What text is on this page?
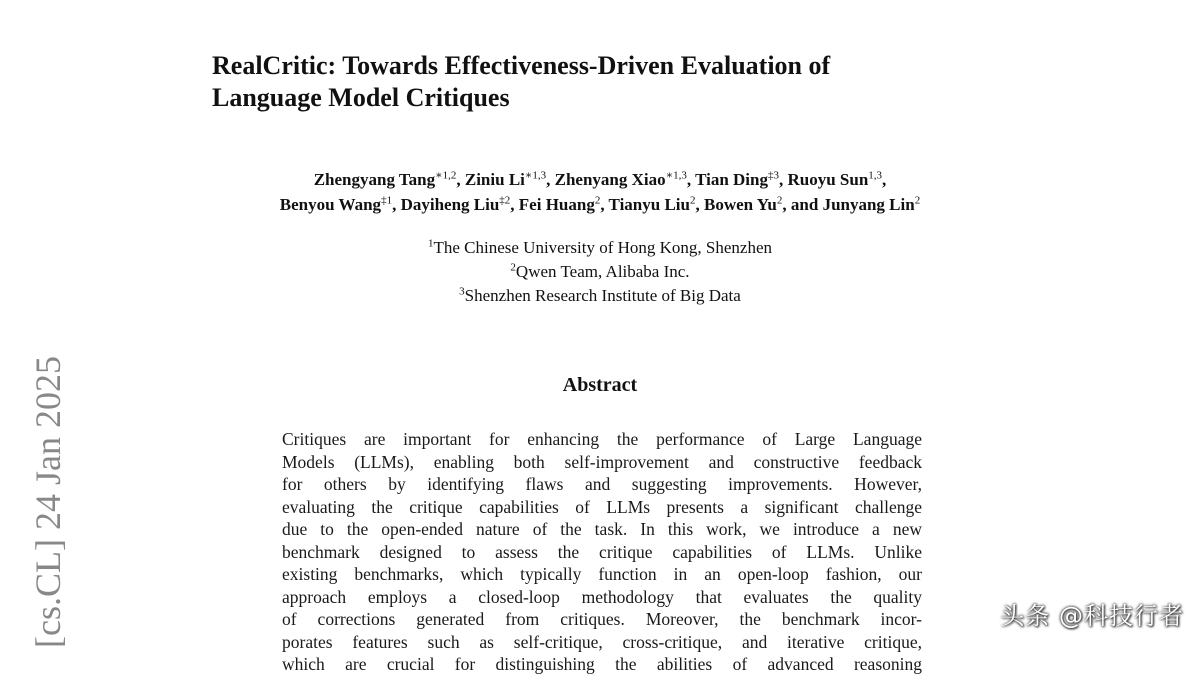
RealCritic: Towards Effectiveness-Driven Evaluation of
Language Model Critiques
Zhengyang Tang$^{∗1,2}$, Ziniu $Li^{∗1,3}$, Zhenyang Xiao$^{∗1,3}$, Tian Ding$^{\ddagger 3}$, Ruoyu Sun$^{1,3}$,
Benyou Wang$^{\ddagger 1}$, Dayiheng Liu$^{\ddagger 2}$, Fei Huang$^2$, Tianyu Liu$^2$, Bowen Yu$^2$, and Junyang Lin$^2$
$^1$The Chinese University of Hong Kong, Shenzhen
$^2$Qwen Team, Alibaba Inc.
$^3$Shenzhen Research Institute of Big Data
Abstract
Critiques are important for enhancing the performance of Large Language
Models (LLMs), enabling both self-improvement and constructive feedback
for others by identifying flaws and suggesting improvements. However,
evaluating the critique capabilities of LLMs presents a significant challenge
due to the open-ended nature of the task. In this work, we introduce a new
benchmark designed to assess the critique capabilities of LLMs. Unlike
existing benchmarks, which typically function in an open-loop fashion, our
approach employs a closed-loop methodology that evaluates the quality
of corrections generated from critiques. Moreover, the benchmark incor-
porates features such as self-critique, cross-critique, and iterative critique,
which are crucial for distinguishing the abilities of advanced reasoning
[cs.CL] 24 Jan 2025	头条 @科技行者
